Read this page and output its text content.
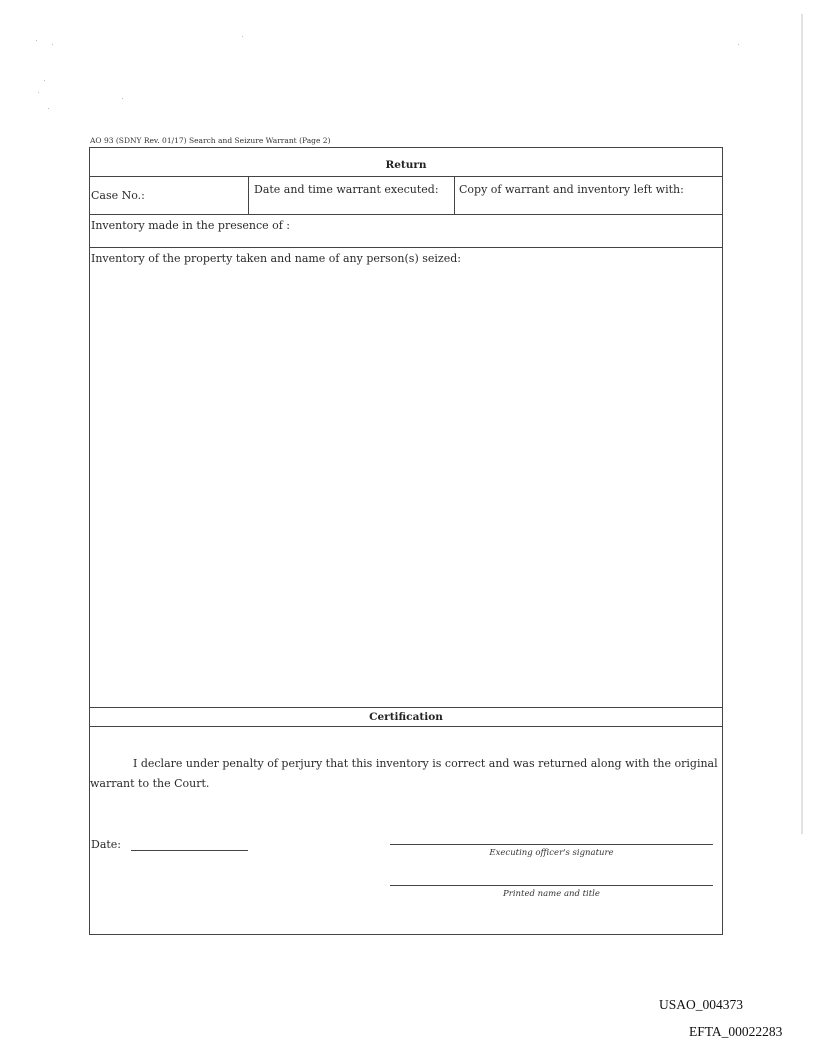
AO 93 (SDNY Rev. 01/17) Search and Seizure Warrant (Page 2)
Return
Case No.:	Date and time warrant executed: Copy of warrant and inventory left with:
Inventory made in the presence of :
Inventory of the property taken and name of any person(s) seized:
Certification
I declare under penalty of perjury that this inventory is correct and was returned along with the original warrant to the Court.
Date:
Executing officer's signature
Printed name and title
USAO_004373
EFTA_00022283
